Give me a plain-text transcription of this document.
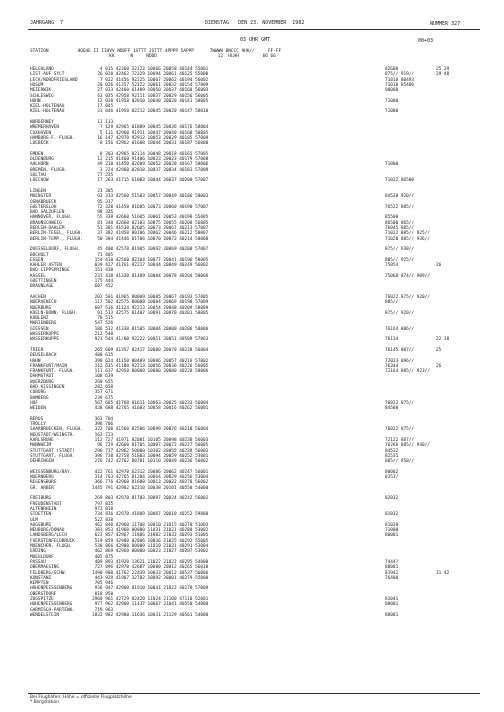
JAHRGANG  7	DIENSTAG   DEN 23. NOVEMBER  1982	NUMMER 327
03 UHR GMT	00+03
STATION           HOEHE II IIHVV NDDFF 1STTT 2STTT 4PPPP 5APPP      7WWWW 8NCCC 9HH//     FF-FF
KK      N     NDDD                       12  HLHH         66 66
HELGOLAND	4 015 42360 32123 10066 20058 40144 55001	82600	25 29
LIST AUF SYLT	26 020 42462 72329 10094 20061 40125 55000	875// 919//	29 40
LECK/NORDFRIESLAND	7 022 41456 92225 10067 20062 40194 56002	71010 80493
HUSUM	20 026 41357 52122 10061 20032 40154 57809	71010 85400
MEIERWIK	27 033 42460 61409 10050 20037 40168 56003	90000
SCHLESWIG	43 035 42958 92111 10037 20029 40156 56005
HOHN	12 038 41958 02010 10040 20020 40141 58005	71000
KIEL-HOLTENAU	17 045
KIEL-HOLTENAU	31 046 41958 02212 10045 20020 40147 58010	71000
NORDERNEY	11 113
WREMERHAVEN	7 129 42965 01809 10045 20036 40176 58004
CUXHAVEN	5 131 42960 91911 10047 20040 40168 58005
HAMBURG-F. FLUGH.	16 147 42970 92912 10053 20029 40185 57009
LUEBECK	8 156 42962 01608 10044 20031 40187 56000
EMDEN	8 203 42965 02114 10048 20018 40165 57005
OLDENBURG	12 215 41460 91406 10023 20023 40179 57008
AHLHORN	49 210 41450 02609 10052 20028 40167 58006	71000
BREMEN, FLUGH.	3 224 42960 02018 10037 20034 40181 57009
SOLTAU	77 235
LUECHOW	17 263 41715 61003 10044 20037 40200 57007	71022 86500
LINGEN	21 305
MUENSTER	63 313 42560 51503 10057 20049 40186 58003	84530 920//
OSNABRUECK	95 317
GUETERSLOH	72 320 41458 81605 10073 20060 40190 57007	76522 885//
BAD SALZUFLEN	98 325
HANNOVER, FLUGH.	55 338 42660 51605 10061 20053 40190 55005	85500
BRAUNSCHWEIG	81 348 42660 82103 10075 20055 40208 56005	86500 865//
BERLIN-DAHLEM	51 381 41530 82605 10073 20067 40213 57007	76045 885//
BERLIN-TEGEL, FLUGH. 37 382 41950 80106 10062 20046 40212 58007	71022 885// 925//
BERLIN-TEMP., FLUGH. 50 384 41446 81706 10070 20072 40214 58008	71020 885// 936//
DUESSELDORF, FLUGH.	45 400 42570 81905 10092 20069 40200 57007	875// 938//
BOCHOLT	71 405
ESSEN	154 410 42560 82104 10077 20041 40196 58005	885// 925//
KAHLER ASTEN	839 427 41761 92217 10044 20049 40249 56002	75054	26
BAD LIPPSPRINGE	151 430
KASSEL	231 438 41330 81409 10084 20078 40204 58006	75068 874// 909//
GOETTINGEN	175 444
BRAUNLAGE	607 452
AACHEN	202 501 41965 80009 10085 20067 40193 57005	76022 875// 920//
NOERVENICH	117 502 42575 80008 10084 20069 40198 57009	885//
NUERBURG	607 516 41124 92213 10054 20048 40209 58009
KOELN-BONN, FLUGH.	91 513 42575 81407 10091 20070 40201 58005	875// 920//
KOBLENZ	70 515
MARIENBERG	547 526
GIESSEN	186 532 41330 81505 10084 20080 40206 58006	76164 886//
WASSERKUPPE	212 540
WASSERKUPPE	921 544 41/00 92222 10051 20051 40509 57063	76134	22 38
TRIER	265 609 41357 82417 10080 20078 40238 56004	76145 887//	25
DEUSELBACH	480 615
HAHN	390 624 41150 80409 10086 20057 40216 57002	72023 896//
FRANKFURT/MAIN	112 635 41100 92213 10056 20036 40226 56005	76344	26
FRANKFURT, FLUGH.	111 637 42950 80000 10080 20080 40220 58006	72164 885// 923//
DARMSTADT	108 639
WUERZBURG	268 655
BAD KISSINGEN	282 658
COBURG	357 671
BAMBERG	239 675
HOF	567 685 41768 81611 10063 20025 40233 56004	76022 875//
WEIDEN	438 688 42765 41603 10058 20016 40262 56001	84500
BERUS	363 704
TROLLY	396 706
SAARBRUECKEN, FLUGH. 322 708 41560 82506 10099 20076 40218 56004	76022 875//
NEUSTADT/WEINSTR.	163 723
KARLSRUHE	112 727 41971 82001 10105 20098 40230 56003	72122 887//
MANNHEIM	96 729 42660 81705 10097 20072 40227 56005	76266 885// 940//
STUTTGART (STADT)	296 737 42962 50000 10102 20055 40239 56003	84532
STUTTGART, FLUGH.	396 738 42758 51803 10094 20059 40252 53001	82531
OEHRINGEN	276 742 42762 80701 10110 20049 40236 56002	885// 958//
WEISSENBURG/BAY.	422 761 42970 62312 10086 20062 40247 56001	80002
NUERNBERG	314 763 42765 81204 10064 20029 40256 53004	8353/
REGENSBURG	366 776 42960 81608 10013 20022 40270 56002
GR. ARBER	1445 791 42902 02210 10038 20101 40550 54000
FREIBURG	269 803 42970 81703 10097 20024 40242 56001	82032
FREUDENSTADT	797 815
ALTENRHEIN	973 818
STOETTEN	734 836 42970 41809 10067 20010 40252 59888	81032
ULM	522 838
AUGSBURG	462 840 42960 11708 10010 21015 40270 51003	81030
NEUBURG/DONAU	381 853 41960 00000 11031 21021 40280 53002	71000
LANDSBERG/LECH	623 857 42967 11806 21002 21033 40293 51005	80001
FUERSTENFELDBRUCK	519 859 42980 02006 10036 21025 40292 55005
MUENCHEN, FLUGH.	530 866 42980 00000 11010 21031 40291 53004
ERDING	462 869 42960 00000 10023 21027 40287 53002
MUEHLDORF	405 875
PASSAU	409 893 41920 13621 11022 21022 40295 54000	7444?
OBERMAESING	727 896 42970 42607 10080 20012 40265 56010	80081
FELDBERG/SCHW.	1490 908 41762 22439 10033 20012 40537 56006	81942	31 42
KONSTANZ	443 929 41907 32702 10092 20001 40279 55000	76400
KEMPTEN	705 946
HOHENPEISSENBERG	936 947 42980 81910 10041 21022 40278 57009
OBERSTDORF	810 950
ZUGSPITZE	2960 961 42729 02420 11024 21100 47110 52001	81041
HOHENPEISSENBERG	977 962 42980 11437 10067 21041 40550 54000	80001
GARMISCH-PARTENK.	719 963
WENDELSTEIN	1832 982 42980 11636 10031 21129 40561 54000	80001
Bei Flughäfen: Höhe = offizielle Flugplatzhöhe
* Bergstation
